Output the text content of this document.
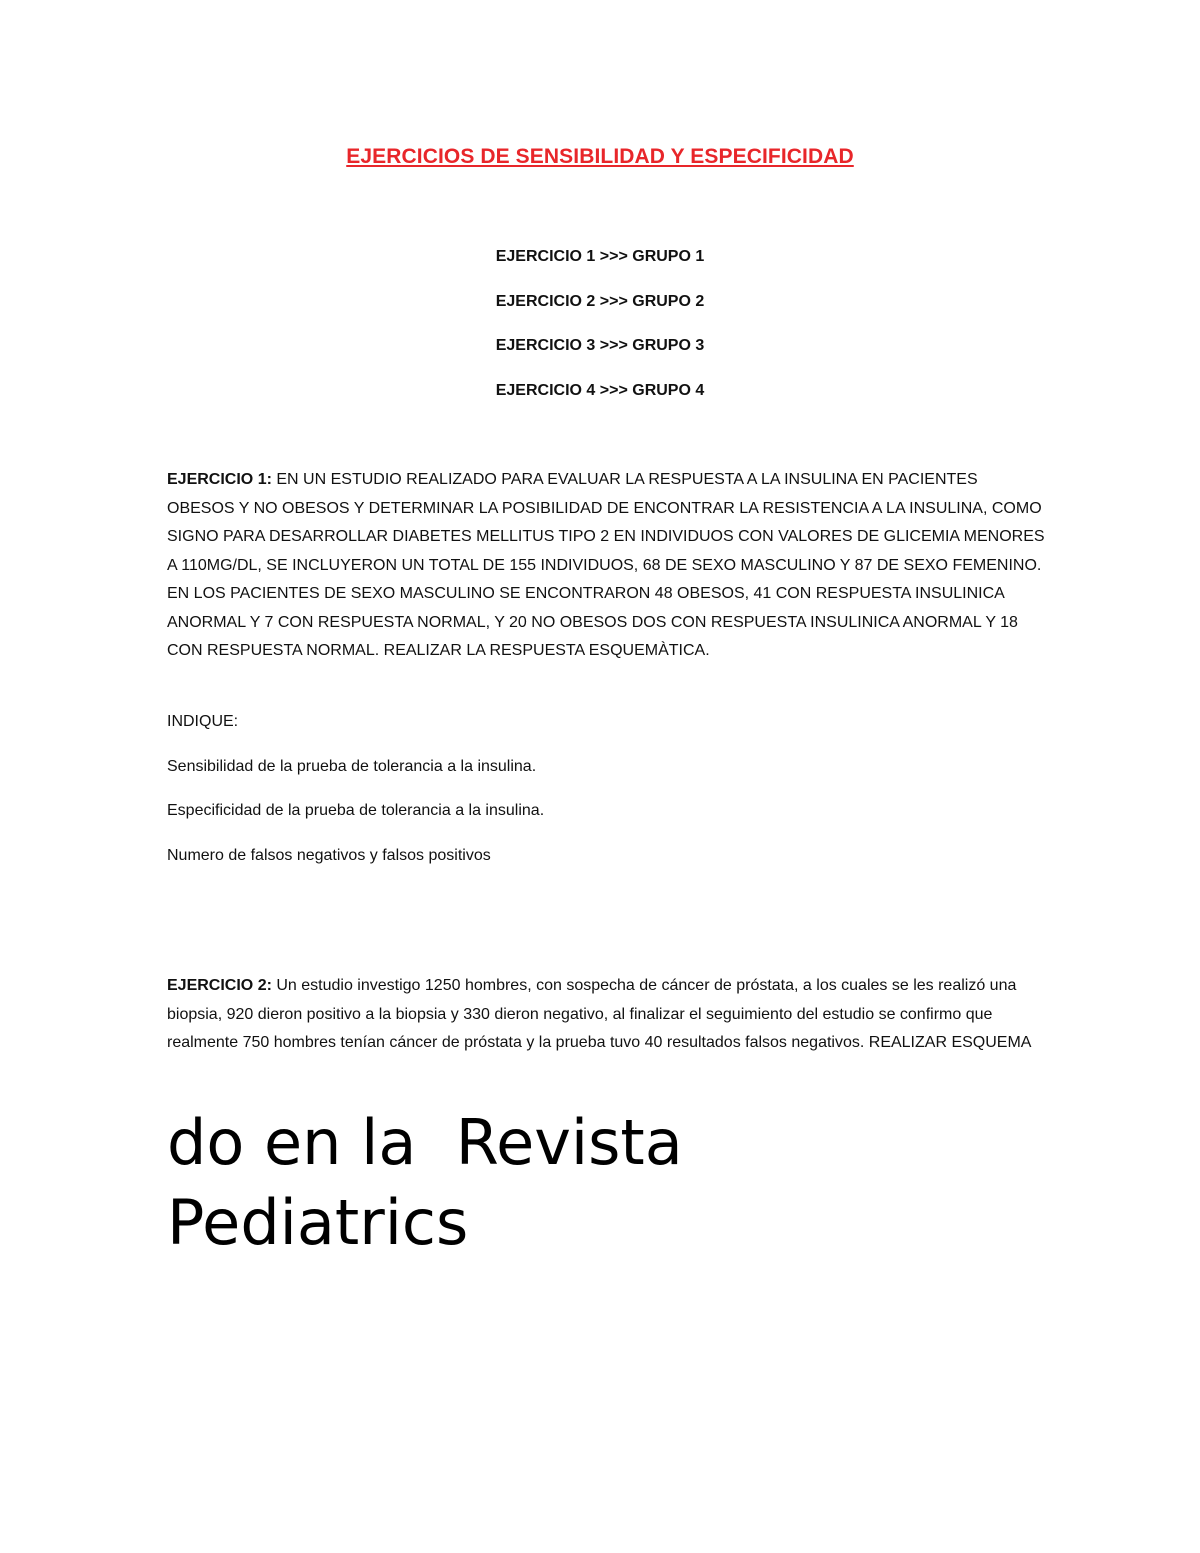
EJERCICIOS DE SENSIBILIDAD Y ESPECIFICIDAD
EJERCICIO 1 >>> GRUPO 1
EJERCICIO 2 >>> GRUPO 2
EJERCICIO 3 >>> GRUPO 3
EJERCICIO 4 >>> GRUPO 4

EJERCICIO 1: EN UN ESTUDIO REALIZADO PARA EVALUAR LA RESPUESTA A LA INSULINA EN PACIENTES OBESOS Y NO OBESOS Y DETERMINAR LA POSIBILIDAD DE ENCONTRAR LA RESISTENCIA A LA INSULINA, COMO SIGNO PARA DESARROLLAR DIABETES MELLITUS TIPO 2 EN INDIVIDUOS CON VALORES DE GLICEMIA MENORES A 110MG/DL, SE INCLUYERON UN TOTAL DE 155 INDIVIDUOS, 68 DE SEXO MASCULINO Y 87 DE SEXO FEMENINO. EN LOS PACIENTES DE SEXO MASCULINO SE ENCONTRARON 48 OBESOS, 41 CON RESPUESTA INSULINICA ANORMAL Y 7 CON RESPUESTA NORMAL, Y 20 NO OBESOS DOS CON RESPUESTA INSULINICA ANORMAL Y 18 CON RESPUESTA NORMAL. REALIZAR LA RESPUESTA ESQUEMÀTICA.

INDIQUE:

Sensibilidad de la prueba de tolerancia a la insulina.

Especificidad de la prueba de tolerancia a la insulina.

Numero de falsos negativos y falsos positivos

EJERCICIO 2: Un estudio investigo 1250 hombres, con sospecha de cáncer de próstata, a los cuales se les realizó una biopsia, 920 dieron positivo a la biopsia y 330 dieron negativo, al finalizar el seguimiento del estudio se confirmo que realmente 750 hombres tenían cáncer de próstata y la prueba tuvo 40 resultados falsos negativos. REALIZAR ESQUEMA

do en la  Revista
Pediatrics
